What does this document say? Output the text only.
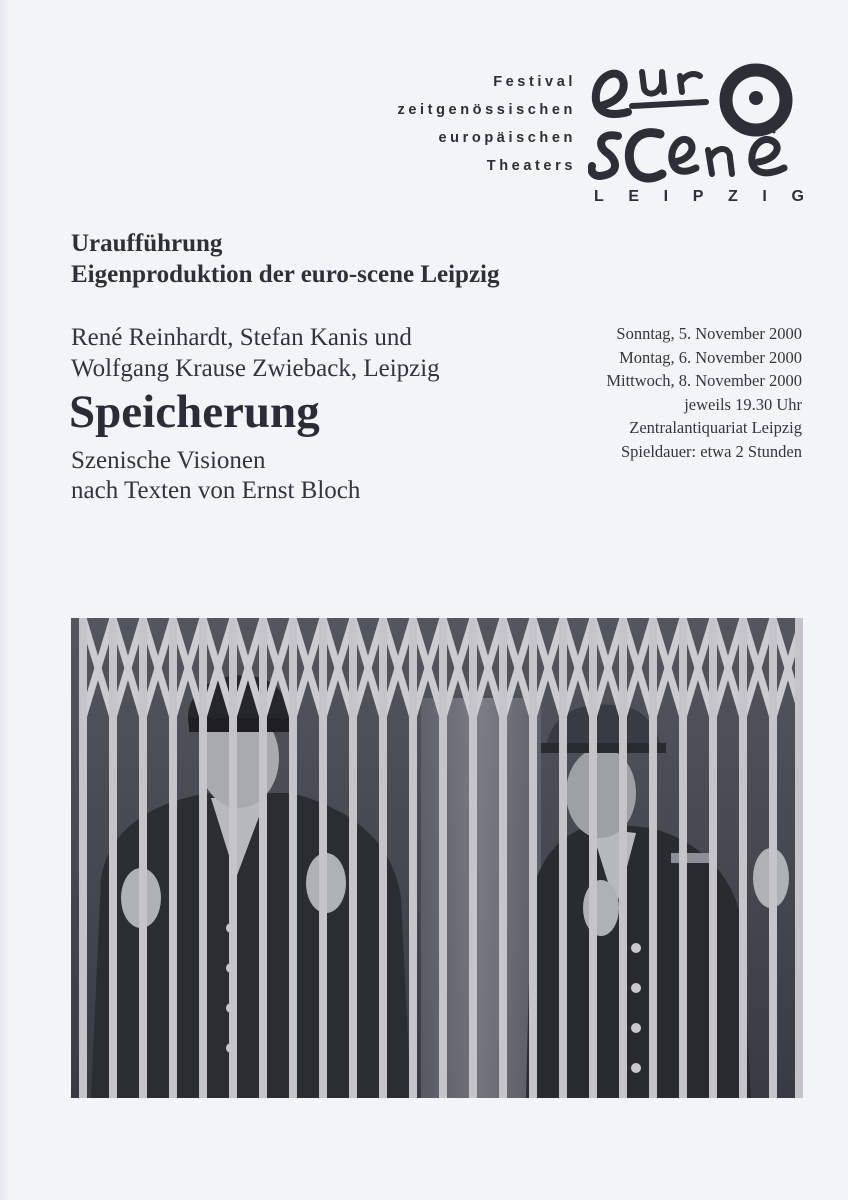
Festival
zeitgenössischen
europäischen
Theaters
L E I P Z I G
Uraufführung
Eigenproduktion der euro-scene Leipzig
René Reinhardt, Stefan Kanis und
Wolfgang Krause Zwieback, Leipzig
Speicherung
Szenische Visionen
nach Texten von Ernst Bloch
Sonntag, 5. November 2000
Montag, 6. November 2000
Mittwoch, 8. November 2000
jeweils 19.30 Uhr
Zentralantiquariat Leipzig
Spieldauer: etwa 2 Stunden
